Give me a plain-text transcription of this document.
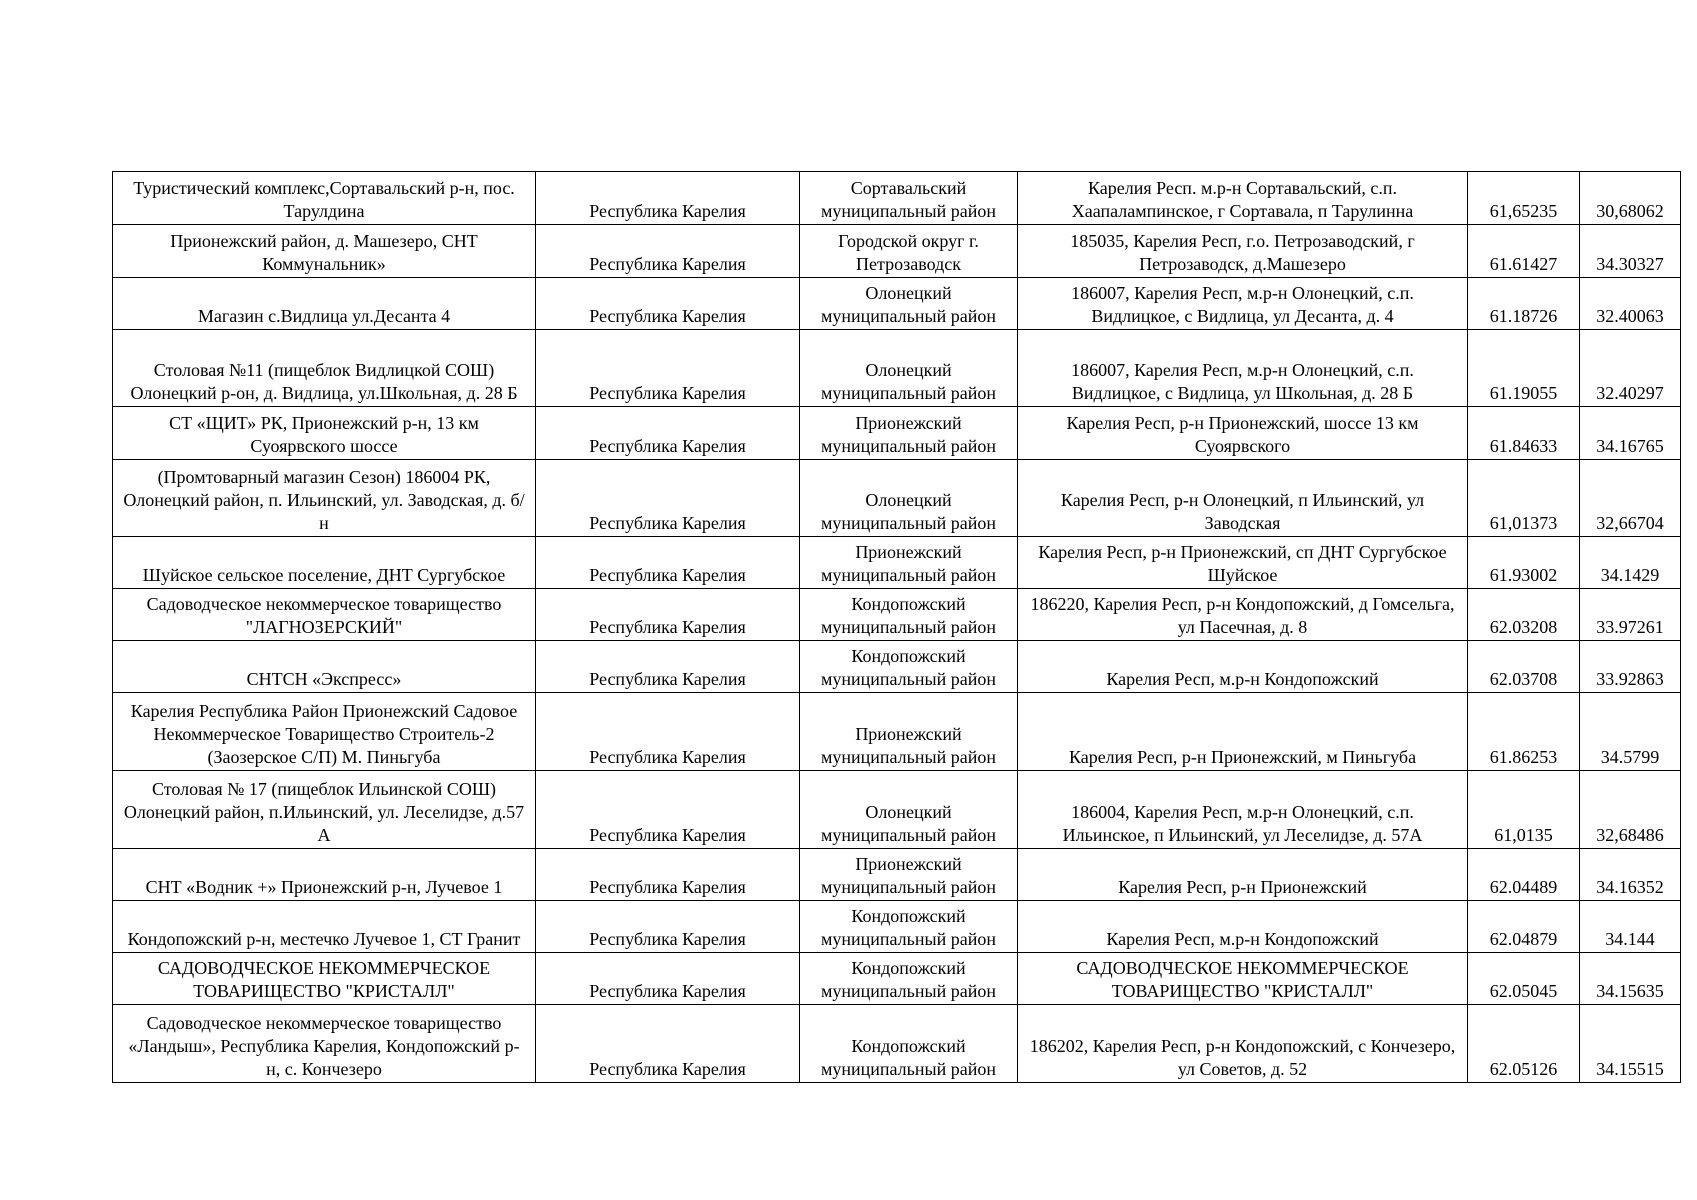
Туристический комплекс,Сортавальский р-н, пос. Тарулдина	Республика Карелия	Сортавальский муниципальный район	Карелия Респ. м.р-н Сортавальский, с.п. Хаапалампинское, г Сортавала, п Тарулинна	61,65235	30,68062
Прионежский район, д. Машезеро, СНТ Коммунальник»	Республика Карелия	Городской округ г. Петрозаводск	185035, Карелия Респ, г.о. Петрозаводский, г Петрозаводск, д.Машезеро	61.61427	34.30327
Магазин с.Видлица ул.Десанта 4	Республика Карелия	Олонецкий муниципальный район	186007, Карелия Респ, м.р-н Олонецкий, с.п. Видлицкое, с Видлица, ул Десанта, д. 4	61.18726	32.40063
Столовая №11 (пищеблок Видлицкой СОШ) Олонецкий р-он, д. Видлица, ул.Школьная, д. 28 Б	Республика Карелия	Олонецкий муниципальный район	186007, Карелия Респ, м.р-н Олонецкий, с.п. Видлицкое, с Видлица, ул Школьная, д. 28 Б	61.19055	32.40297
СТ «ЩИТ» РК, Прионежский р-н, 13 км Суоярвского шоссе	Республика Карелия	Прионежский муниципальный район	Карелия Респ, р-н Прионежский, шоссе 13 км Суоярвского	61.84633	34.16765
(Промтоварный магазин Сезон) 186004 РК, Олонецкий район, п. Ильинский, ул. Заводская, д. б/н	Республика Карелия	Олонецкий муниципальный район	Карелия Респ, р-н Олонецкий, п Ильинский, ул Заводская	61,01373	32,66704
Шуйское сельское поселение, ДНТ Сургубское	Республика Карелия	Прионежский муниципальный район	Карелия Респ, р-н Прионежский, сп ДНТ Сургубское Шуйское	61.93002	34.1429
Садоводческое некоммерческое товарищество "ЛАГНОЗЕРСКИЙ"	Республика Карелия	Кондопожский муниципальный район	186220, Карелия Респ, р-н Кондопожский, д Гомсельга, ул Пасечная, д. 8	62.03208	33.97261
СНТСН «Экспресс»	Республика Карелия	Кондопожский муниципальный район	Карелия Респ, м.р-н Кондопожский	62.03708	33.92863
Карелия Республика Район Прионежский Садовое Некоммерческое Товарищество Строитель-2 (Заозерское С/П) М. Пиньгуба	Республика Карелия	Прионежский муниципальный район	Карелия Респ, р-н Прионежский, м Пиньгуба	61.86253	34.5799
Столовая № 17 (пищеблок Ильинской СОШ) Олонецкий район, п.Ильинский, ул. Леселидзе, д.57 А	Республика Карелия	Олонецкий муниципальный район	186004, Карелия Респ, м.р-н Олонецкий, с.п. Ильинское, п Ильинский, ул Леселидзе, д. 57А	61,0135	32,68486
СНТ «Водник +» Прионежский р-н, Лучевое 1	Республика Карелия	Прионежский муниципальный район	Карелия Респ, р-н Прионежский	62.04489	34.16352
Кондопожский р-н, местечко Лучевое 1, СТ Гранит	Республика Карелия	Кондопожский муниципальный район	Карелия Респ, м.р-н Кондопожский	62.04879	34.144
САДОВОДЧЕСКОЕ НЕКОММЕРЧЕСКОЕ ТОВАРИЩЕСТВО "КРИСТАЛЛ"	Республика Карелия	Кондопожский муниципальный район	САДОВОДЧЕСКОЕ НЕКОММЕРЧЕСКОЕ ТОВАРИЩЕСТВО "КРИСТАЛЛ"	62.05045	34.15635
Садоводческое некоммерческое товарищество «Ландыш», Республика Карелия, Кондопожский р-н, с. Кончезеро	Республика Карелия	Кондопожский муниципальный район	186202, Карелия Респ, р-н Кондопожский, с Кончезеро, ул Советов, д. 52	62.05126	34.15515
